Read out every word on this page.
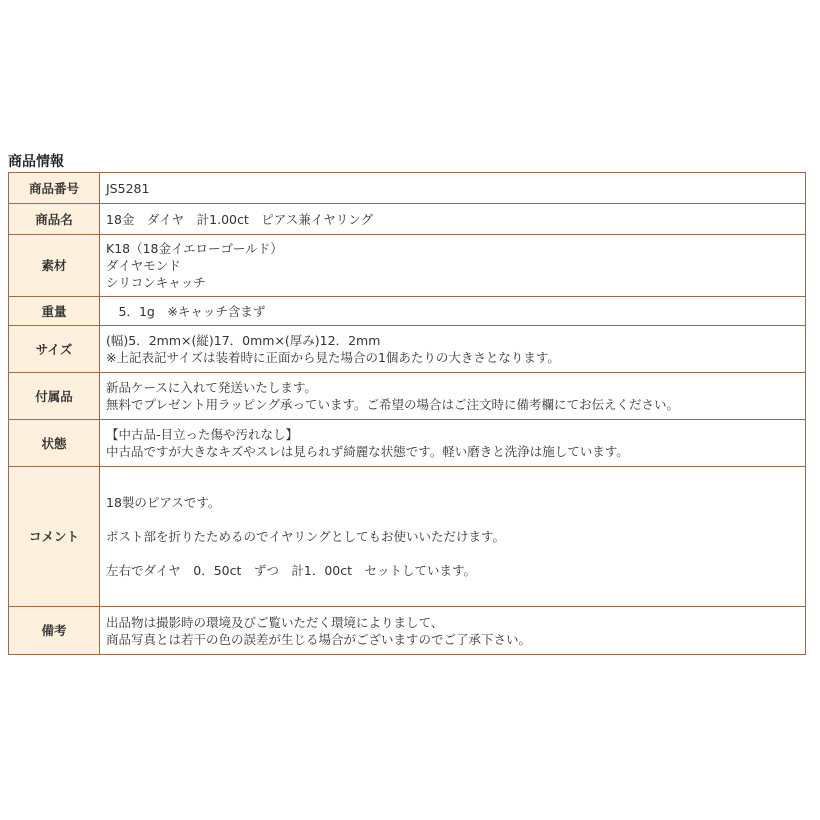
商品情報
商品番号	JS5281

商品名	18金　ダイヤ　計1.00ct　ピアス兼イヤリング

素材	K18（18金イエローゴールド）
ダイヤモンド
シリコンキャッチ

重量	　5．1g　※キャッチ含まず

サイズ	(幅)5．2mm×(縦)17．0mm×(厚み)12．2mm
※上記表記サイズは装着時に正面から見た場合の1個あたりの大きさとなります。

付属品	新品ケースに入れて発送いたします。
無料でプレゼント用ラッピング承っています。ご希望の場合はご注文時に備考欄にてお伝えください。

状態	【中古品-目立った傷や汚れなし】
中古品ですが大きなキズやスレは見られず綺麗な状態です。軽い磨きと洗浄は施しています。

コメント	18製のピアスです。
ポスト部を折りたためるのでイヤリングとしてもお使いいただけます。
左右でダイヤ　0．50ct　ずつ　計1．00ct　セットしています。

備考	出品物は撮影時の環境及びご覧いただく環境によりまして、
商品写真とは若干の色の誤差が生じる場合がございますのでご了承下さい。
